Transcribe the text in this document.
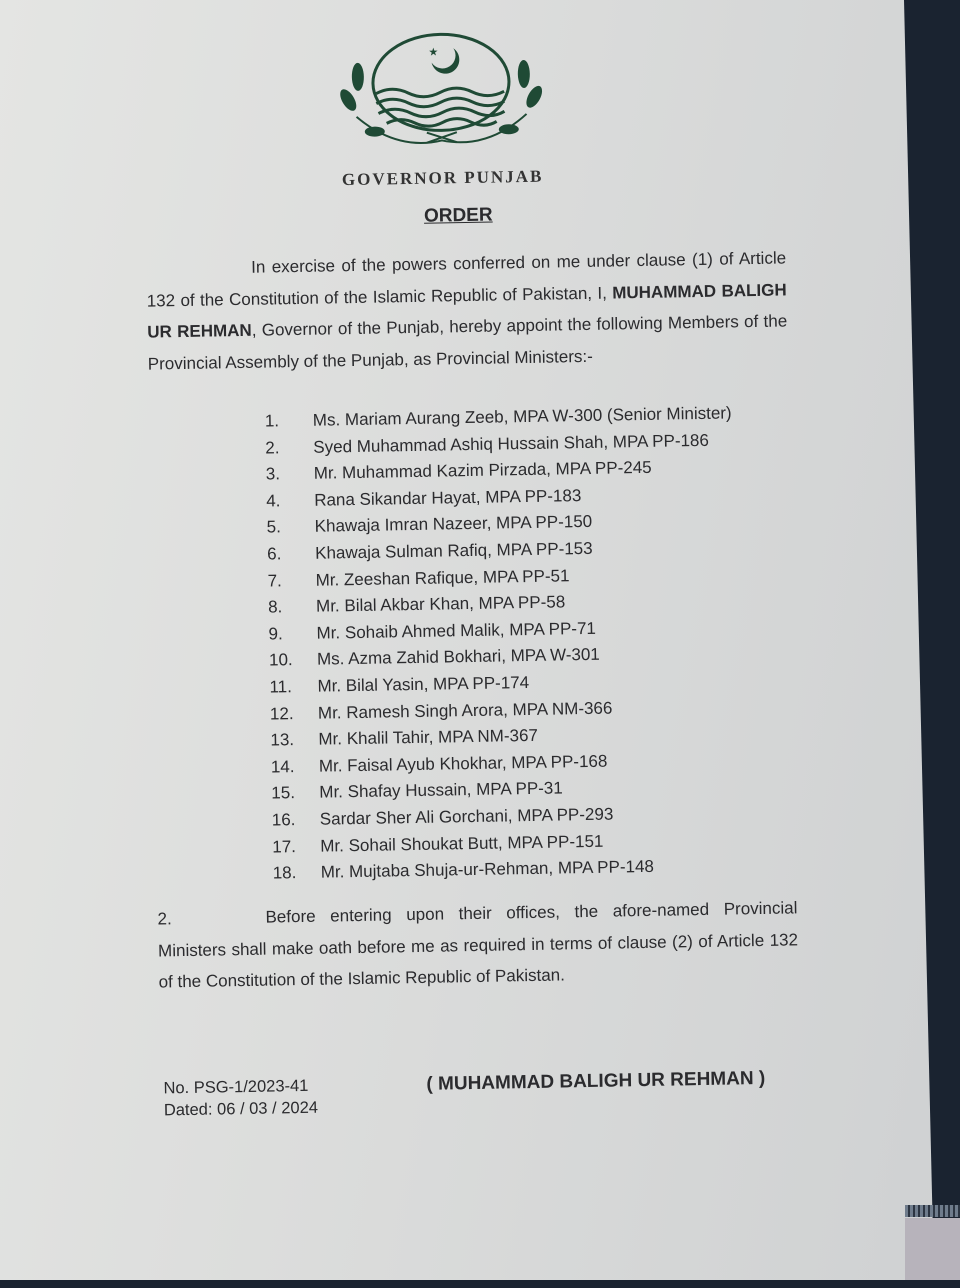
★
GOVERNOR PUNJAB
ORDER
In exercise of the powers conferred on me under clause (1) of Article 132 of the Constitution of the Islamic Republic of Pakistan, I, MUHAMMAD BALIGH UR REHMAN, Governor of the Punjab, hereby appoint the following Members of the Provincial Assembly of the Punjab, as Provincial Ministers:-
1. Ms. Mariam Aurang Zeeb, MPA W-300 (Senior Minister)
2. Syed Muhammad Ashiq Hussain Shah, MPA PP-186
3. Mr. Muhammad Kazim Pirzada, MPA PP-245
4. Rana Sikandar Hayat, MPA PP-183
5. Khawaja Imran Nazeer, MPA PP-150
6. Khawaja Sulman Rafiq, MPA PP-153
7. Mr. Zeeshan Rafique, MPA PP-51
8. Mr. Bilal Akbar Khan, MPA PP-58
9. Mr. Sohaib Ahmed Malik, MPA PP-71
10. Ms. Azma Zahid Bokhari, MPA W-301
11. Mr. Bilal Yasin, MPA PP-174
12. Mr. Ramesh Singh Arora, MPA NM-366
13. Mr. Khalil Tahir, MPA NM-367
14. Mr. Faisal Ayub Khokhar, MPA PP-168
15. Mr. Shafay Hussain, MPA PP-31
16. Sardar Sher Ali Gorchani, MPA PP-293
17. Mr. Sohail Shoukat Butt, MPA PP-151
18. Mr. Mujtaba Shuja-ur-Rehman, MPA PP-148
2.	Before entering upon their offices, the afore-named Provincial Ministers shall make oath before me as required in terms of clause (2) of Article 132 of the Constitution of the Islamic Republic of Pakistan.
No. PSG-1/2023-41
Dated: 06 / 03 / 2024
( MUHAMMAD BALIGH UR REHMAN )
